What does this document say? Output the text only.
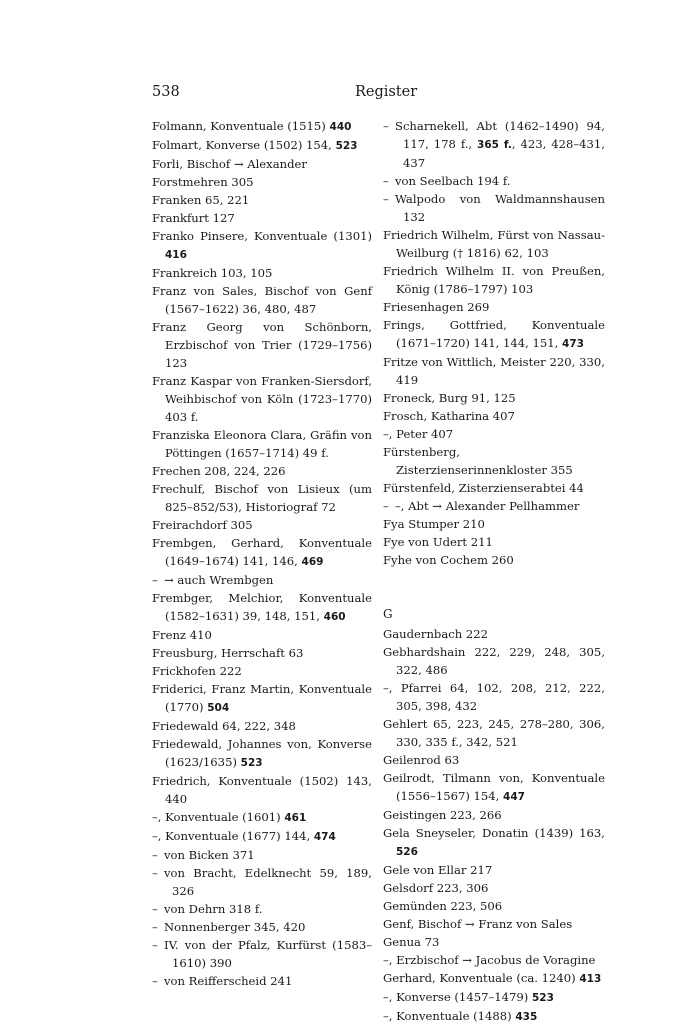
538	Register

Folmann, Konventuale (1515) 440

Folmart, Konverse (1502) 154, 523

Forli, Bischof → Alexander

Forstmehren 305

Franken 65, 221

Frankfurt 127

Franko Pinsere, Konventuale (1301) 416

Frankreich 103, 105

Franz von Sales, Bischof von Genf (1567–1622) 36, 480, 487

Franz Georg von Schönborn, Erzbischof von Trier (1729–1756) 123

Franz Kaspar von Franken-Siersdorf, Weihbischof von Köln (1723–1770) 403 f.

Franziska Eleonora Clara, Gräfin von Pöttingen (1657–1714) 49 f.

Frechen 208, 224, 226

Frechulf, Bischof von Lisieux (um 825–852/53), Historiograf 72

Freirachdorf 305

Frembgen, Gerhard, Konventuale (1649–1674) 141, 146, 469

– → auch Wrembgen

Frembger, Melchior, Konventuale (1582–1631) 39, 148, 151, 460

Frenz 410

Freusburg, Herrschaft 63

Frickhofen 222

Friderici, Franz Martin, Konventuale (1770) 504

Friedewald 64, 222, 348

Friedewald, Johannes von, Konverse (1623/1635) 523

Friedrich, Konventuale (1502) 143, 440

–, Konventuale (1601) 461

–, Konventuale (1677) 144, 474

– von Bicken 371

– von Bracht, Edelknecht 59, 189, 326

– von Dehrn 318 f.

– Nonnenberger 345, 420

– IV. von der Pfalz, Kurfürst (1583–1610) 390

– von Reifferscheid 241

– Scharnekell, Abt (1462–1490) 94, 117, 178 f., 365 f., 423, 428–431, 437

– von Seelbach 194 f.

– Walpodo von Waldmannshausen 132

Friedrich Wilhelm, Fürst von Nassau-Weilburg († 1816) 62, 103

Friedrich Wilhelm II. von Preußen, König (1786–1797) 103

Friesenhagen 269

Frings, Gottfried, Konventuale (1671–1720) 141, 144, 151, 473

Fritze von Wittlich, Meister 220, 330, 419

Froneck, Burg 91, 125

Frosch, Katharina 407

–, Peter 407

Fürstenberg, Zisterzienserinnenkloster 355

Fürstenfeld, Zisterzienserabtei 44

– –, Abt → Alexander Pellhammer

Fya Stumper 210

Fye von Udert 211

Fyhe von Cochem 260

G

Gaudernbach 222

Gebhardshain 222, 229, 248, 305, 322, 486

–, Pfarrei 64, 102, 208, 212, 222, 305, 398, 432

Gehlert 65, 223, 245, 278–280, 306, 330, 335 f., 342, 521

Geilenrod 63

Geilrodt, Tilmann von, Konventuale (1556–1567) 154, 447

Geistingen 223, 266

Gela Sneyseler, Donatin (1439) 163, 526

Gele von Ellar 217

Gelsdorf 223, 306

Gemünden 223, 506

Genf, Bischof → Franz von Sales

Genua 73

–, Erzbischof → Jacobus de Voragine

Gerhard, Konventuale (ca. 1240) 413

–, Konverse (1457–1479) 523

–, Konventuale (1488) 435
